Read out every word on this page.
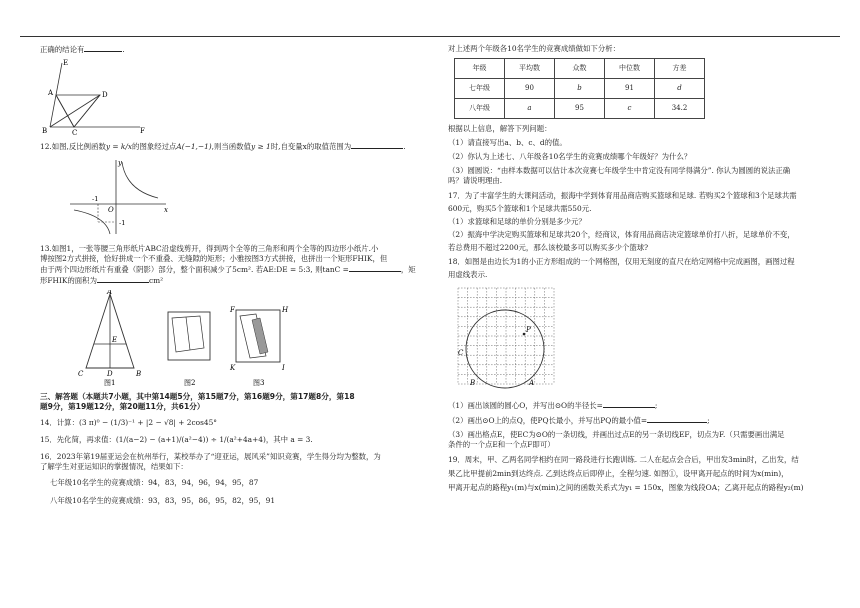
正确的结论有	.

E
A	D
B	C	F

12.如图,反比例函数y = k/x的图象经过点A(−1,−1),则当函数值y ≥ 1时,自变量x的取值范围为	.

y
x
O
-1
-1

13.如图1，一张等腰三角形纸片ABC沿虚线剪开，得到两个全等的三角形和两个全等的四边形小纸片.小

博按图2方式拼接，恰好拼成一个不重叠、无缝隙的矩形；小雅按图3方式拼接，也拼出一个矩形FHIK，但

由于两个四边形纸片有重叠（阴影）部分，整个面积减少了5cm². 若AE:DE = 5:3, 则tanC =	，矩

形FHIK的面积为	cm²

A
E
C	D	B
图1	图2
F	H
K	I
图3

三、解答题（本题共7小题，其中第14题5分，第15题7分，第16题9分，第17题8分，第18

题9分，第19题12分，第20题11分，共61分）

14．计算：(3 π)⁰ − (1/3)⁻¹ + |2 − √8| + 2cos45°

15．先化简，再求值：(1/(a−2) − (a+1)/(a²−4)) ÷ 1/(a²+4a+4)，其中 a = 3.

16．2023年第19届亚运会在杭州举行，某校举办了“迎亚运，展风采”知识竞赛，学生得分均为整数，为

了解学生对亚运知识的掌握情况，结果如下：

七年级10名学生的竞赛成绩：94，83，94，96，94，95，87

八年级10名学生的竞赛成绩：93，83，95，86，95，82，95，91

对上述两个年级各10名学生的竞赛成绩做如下分析：

年级	平均数	众数	中位数	方差
七年级	90	b	91	d
八年级	a	95	c	34.2

根据以上信息，解答下列问题：

（1）请直接写出a、b、c、d的值。

（2）你认为上述七、八年级各10名学生的竞赛成绩哪个年级好？为什么？

（3）圆圆说：“由样本数据可以估计本次竞赛七年级学生中肯定没有同学得满分”. 你认为圆圆的说法正确

吗？请说明理由.

17．为了丰富学生的大课间活动，振海中学到体育用品商店购买篮球和足球. 若购买2个篮球和3个足球共需

600元，购买5个篮球和1个足球共需550元.

（1）求篮球和足球的单价分别是多少元？

（2）振海中学决定购买篮球和足球共20个，经商议，体育用品商店决定篮球单价打八折，足球单价不变，

若总费用不超过2200元，那么该校最多可以购买多少个篮球?

18．如图是由边长为1的小正方形组成的一个网格图，仅用无刻度的直尺在给定网格中完成画图，画图过程

用虚线表示.

P
C
B	A

（1）画出该圆的圆心O，并写出⊙O的半径长=	;

（2）画出⊙O上的点Q，使PQ长最小，并写出PQ的最小值=	;

（3）画出格点E，使EC为⊙O的一条切线，并画出过点E的另一条切线EF，切点为F.（只需要画出满足

条件的一个点E和一个点F即可）

19．周末，甲、乙两名同学相约在同一路段进行长跑训练. 二人在起点会合后，甲出发3min时，乙出发，结

果乙比甲提前2min到达终点. 乙到达终点后即停止，全程匀速. 如图①，设甲离开起点的时间为x(min)，

甲离开起点的路程y₁(m)与x(min)之间的函数关系式为y₁ = 150x，图象为线段OA；乙离开起点的路程y₂(m)
